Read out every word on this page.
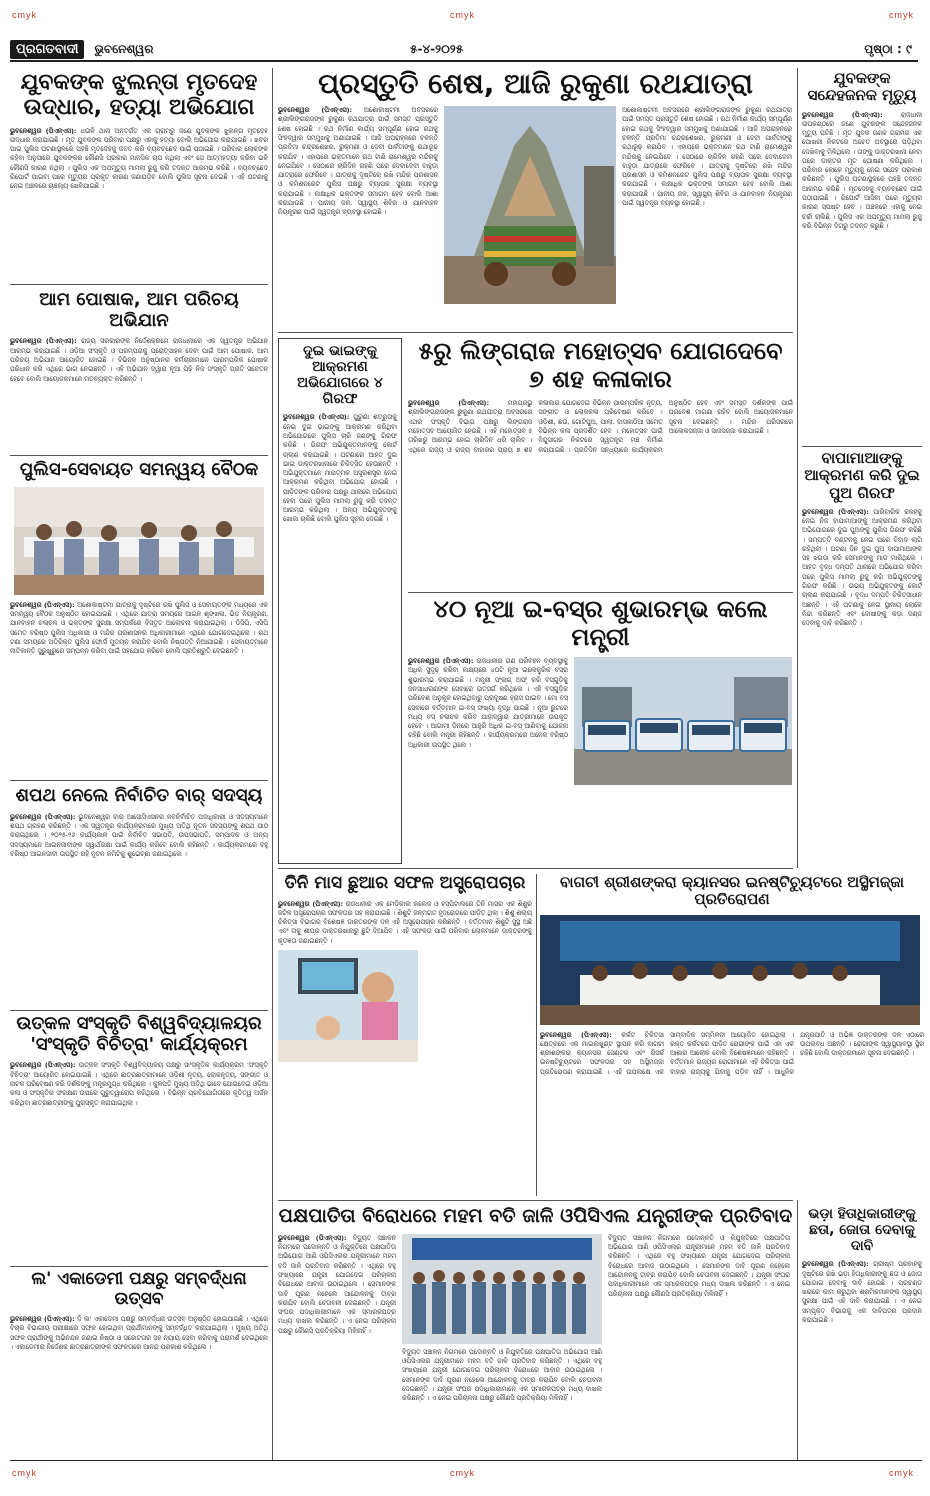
cmyk	cmyk	cmyk
cmyk	cmyk	cmyk
ପ୍ରଗତବାଦୀ	ଭୁବନେଶ୍ୱର	୫-୪-୨୦୨୫	ପୃଷ୍ଠା : ୯
ଯୁବକଙ୍କ ଝୁଲନ୍ତା ମୃତଦେହ ଉଦ୍ଧାର, ହତ୍ୟା ଅଭିଯୋଗ
ଭୁବନେଶ୍ୱର (ପିଏନ୍ଏସ): ଧଉଳି ଥାନା ଅନ୍ତର୍ଗତ ଏକ ଗ୍ରାମରୁ ଜଣେ ଯୁବକଙ୍କ ଝୁଲନ୍ତା ମୃତଦେହ ଉଦ୍ଧାର କରାଯାଇଛି । ମୃତ ଯୁବକଙ୍କ ପରିବାର ପକ୍ଷରୁ ଏହାକୁ ହତ୍ୟା ବୋଲି ଅଭିଯୋଗ କରାଯାଇଛି । ଖବର ପାଇ ପୁଲିସ ଘଟଣାସ୍ଥଳରେ ପହଞ୍ଚି ମୃତଦେହକୁ ଜବତ କରି ବ୍ୟବଚ୍ଛେଦ ପାଇଁ ପଠାଇଛି । ପରିବାର ଲୋକଙ୍କ କହିବା ଅନୁସାରେ ଯୁବକଙ୍କର କୌଣସି ପ୍ରକାର ମାନସିକ ଚାପ ନଥିଲା ଏବଂ ସେ ଆତ୍ମହତ୍ୟା କରିବା ଭଳି କୌଣସି କାରଣ ନଥିଲା । ପୁଲିସ ଏକ ଅପମୃତ୍ୟୁ ମାମଲା ରୁଜୁ କରି ତଦନ୍ତ ଆରମ୍ଭ କରିଛି । ବ୍ୟବଚ୍ଛେଦ ରିପୋର୍ଟ ପାଇବା ପରେ ମୃତ୍ୟୁର ପ୍ରକୃତ କାରଣ ଜଣାପଡ଼ିବ ବୋଲି ପୁଲିସ ସୂଚନା ଦେଇଛି । ଏହି ଘଟଣାକୁ ନେଇ ଅଞ୍ଚଳରେ ଚାଞ୍ଚଲ୍ୟ ଖେଳିଯାଇଛି ।
ଆମ ପୋଷାକ, ଆମ ପରିଚୟ ଅଭିଯାନ
ଭୁବନେଶ୍ୱର (ପିଏନ୍ଏସ): ରାଜ୍ୟ ସରକାରଙ୍କ ନିର୍ଦ୍ଦେଶକ୍ରମେ ରାଜଧାନୀରେ ଏକ ସ୍ୱତନ୍ତ୍ର ଅଭିଯାନ ଆରମ୍ଭ କରାଯାଇଛି । ଓଡ଼ିଆ ସଂସ୍କୃତି ଓ ପରମ୍ପରାକୁ ପ୍ରୋତ୍ସାହନ ଦେବା ପାଇଁ ଆମ ପୋଷାକ, ଆମ ପରିଚୟ ଅଭିଯାନ ଆୟୋଜିତ ହୋଇଛି । ବିଭିନ୍ନ ଅନୁଷ୍ଠାନର କର୍ମଚାରୀମାନେ ପାରମ୍ପରିକ ପୋଷାକ ପରିଧାନ କରି ଏଥିରେ ଭାଗ ନେଇଛନ୍ତି । ଏହି ଅଭିଯାନ ଦ୍ୱାରା ନୂଆ ପିଢ଼ି ନିଜ ସଂସ୍କୃତି ପ୍ରତି ସଚେତନ ହେବେ ବୋଲି ଆୟୋଜକମାନେ ମତବ୍ୟକ୍ତ କରିଛନ୍ତି ।
ପୁଲିସ-ସେବାୟତ ସମନ୍ୱୟ ବୈଠକ
ଭୁବନେଶ୍ୱର (ପିଏନ୍ଏସ): ଅଶୋକାଷ୍ଟମୀ ଯାତ୍ରାକୁ ଦୃଷ୍ଟିରେ ରଖି ପୁଲିସ ଓ ସେବାୟତଙ୍କ ମଧ୍ୟରେ ଏକ ସମନ୍ୱୟ ବୈଠକ ଅନୁଷ୍ଠିତ ହୋଇଯାଇଛି । ଏଥିରେ ଯାତ୍ରା ସମୟରେ ଆଇନ ଶୃଙ୍ଖଳା, ଭିଡ଼ ନିୟନ୍ତ୍ରଣ, ଯାନବାହନ ଚଳାଚଳ ଓ ଭକ୍ତଙ୍କ ସୁରକ୍ଷା ସମ୍ପର୍କରେ ବିସ୍ତୃତ ଆଲୋଚନା କରାଯାଇଥିଲା । ଡିସିପି, ଏସିପି ସମେତ ବରିଷ୍ଠ ପୁଲିସ ଅଧିକାରୀ ଓ ମନ୍ଦିର ପ୍ରଶାସନର ଅଧିକାରୀମାନେ ଏଥିରେ ଯୋଗଦେଇଥିଲେ । ରଥ ଟଣା ସମୟରେ ଅତିରିକ୍ତ ପୁଲିସ ଫୋର୍ସ ମୁତୟନ କରାଯିବ ବୋଲି ନିଷ୍ପତ୍ତି ନିଆଯାଇଛି । ସେବାୟତମାନେ ନୀତିକାନ୍ତି ସୁରୁଖୁରୁରେ ସମ୍ପନ୍ନ କରିବା ପାଇଁ ସହଯୋଗ କରିବେ ବୋଲି ପ୍ରତିଶ୍ରୁତି ଦେଇଛନ୍ତି ।
ଶପଥ ନେଲେ ନିର୍ବାଚିତ ବାର୍ ସଦସ୍ୟ
ଭୁବନେଶ୍ୱର (ପିଏନ୍ଏସ): ଭୁବନେଶ୍ୱର ବାର୍ ଆସୋସିଏସନର ନବନିର୍ବାଚିତ ପଦାଧିକାରୀ ଓ ସଦସ୍ୟମାନେ ଶପଥ ଗ୍ରହଣ କରିଛନ୍ତି । ଏକ ସ୍ୱତନ୍ତ୍ର କାର୍ଯ୍ୟକ୍ରମରେ ମୁଖ୍ୟ ଅତିଥି ନୂତନ ସଦସ୍ୟଙ୍କୁ ଶପଥ ପାଠ କରାଇଥିଲେ । ୨୦୨୫-୨୬ କାର୍ଯ୍ୟକାଳ ପାଇଁ ନିର୍ବାଚିତ ସଭାପତି, ଉପସଭାପତି, ସମ୍ପାଦକ ଓ ଅନ୍ୟ ସଦସ୍ୟମାନେ ଆଇନଜୀବୀଙ୍କ ସ୍ୱାର୍ଥରକ୍ଷା ପାଇଁ କାର୍ଯ୍ୟ କରିବେ ବୋଲି କହିଛନ୍ତି । କାର୍ଯ୍ୟକ୍ରମରେ ବହୁ ବରିଷ୍ଠ ଆଇନଜୀବୀ ଉପସ୍ଥିତ ରହି ନୂତନ କମିଟିକୁ ଶୁଭେଚ୍ଛା ଜଣାଇଥିଲେ ।
ଉତ୍କଳ ସଂସ୍କୃତି ବିଶ୍ୱବିଦ୍ୟାଳୟର 'ସଂସ୍କୃତି ବିଚିତ୍ରା' କାର୍ଯ୍ୟକ୍ରମ
ଭୁବନେଶ୍ୱର (ପିଏନ୍ଏସ): ଉତ୍କଳ ସଂସ୍କୃତି ବିଶ୍ୱବିଦ୍ୟାଳୟ ପକ୍ଷରୁ ସାଂସ୍କୃତିକ କାର୍ଯ୍ୟକ୍ରମ 'ସଂସ୍କୃତି ବିଚିତ୍ରା' ଆୟୋଜିତ ହୋଇଯାଇଛି । ଏଥିରେ ଛାତ୍ରଛାତ୍ରୀମାନେ ଓଡ଼ିଶୀ ନୃତ୍ୟ, ଲୋକନୃତ୍ୟ, ସଙ୍ଗୀତ ଓ ନାଟକ ପରିବେଷଣ କରି ଦର୍ଶକଙ୍କୁ ମନ୍ତ୍ରମୁଗ୍ଧ କରିଥିଲେ । କୁଳପତି ମୁଖ୍ୟ ଅତିଥି ଭାବେ ଯୋଗଦେଇ ଓଡ଼ିଆ କଳା ଓ ସଂସ୍କୃତିର ସଂରକ୍ଷଣ ଉପରେ ଗୁରୁତ୍ୱାରୋପ କରିଥିଲେ । ବିଭିନ୍ନ ପ୍ରତିଯୋଗିତାରେ କୃତିତ୍ୱ ଅର୍ଜନ କରିଥିବା ଛାତ୍ରଛାତ୍ରୀଙ୍କୁ ପୁରସ୍କୃତ କରାଯାଇଥିଲା ।
ଲ' ଏକାଡେମୀ ପକ୍ଷରୁ ସମ୍ବର୍ଦ୍ଧନା ଉତ୍ସବ
ଭୁବନେଶ୍ୱର (ପିଏନ୍ଏସ): ଦି ଲ' ଏକାଡେମୀ ପକ୍ଷରୁ ସମ୍ବର୍ଦ୍ଧନା ଉତ୍ସବ ଅନୁଷ୍ଠିତ ହୋଇଯାଇଛି । ଏଥିରେ ବିଚାର ବିଭାଗୀୟ ପରୀକ୍ଷାରେ ସଫଳ ହୋଇଥିବା ପ୍ରାର୍ଥୀମାନଙ୍କୁ ସମ୍ବର୍ଦ୍ଧିତ କରାଯାଇଥିଲା । ମୁଖ୍ୟ ଅତିଥି ସଫଳ ପ୍ରାର୍ଥୀଙ୍କୁ ଅଭିନନ୍ଦନ ଜଣାଇ ନିଷ୍ଠା ଓ ସଚ୍ଚୋଟତାର ସହ ନ୍ୟାୟ ସେବା କରିବାକୁ ପରାମର୍ଶ ଦେଇଥିଲେ । ଏକାଡେମୀର ନିର୍ଦ୍ଦେଶକ ଛାତ୍ରଛାତ୍ରୀଙ୍କ ସଫଳତାରେ ଆନନ୍ଦ ପ୍ରକାଶ କରିଥିଲେ ।
ପ୍ରସ୍ତୁତି ଶେଷ, ଆଜି ରୁକୁଣା ରଥଯାତ୍ରା
ଭୁବନେଶ୍ୱର (ପିଏନ୍ଏସ): ଅଶୋକାଷ୍ଟମୀ ଅବସରରେ ଶ୍ରୀଲିଙ୍ଗରାଜଙ୍କ ରୁକୁଣା ରଥଯାତ୍ରା ପାଇଁ ସମସ୍ତ ପ୍ରସ୍ତୁତି ଶେଷ ହୋଇଛି । ରଥ ନିର୍ମାଣ କାର୍ଯ୍ୟ ସମ୍ପୂର୍ଣ୍ଣ ହୋଇ ରଥକୁ ସିଂହଦ୍ୱାର ସମ୍ମୁଖକୁ ଅଣାଯାଇଛି । ଆଜି ଅପରାହ୍ନରେ ଚଳନ୍ତି ପ୍ରତିମା ଚନ୍ଦ୍ରଶେଖର, ରୁକ୍ମଣୀ ଓ ଦେବୀ ପାର୍ବତୀଙ୍କୁ ରଥାରୂଢ଼ କରାଯିବ । ଏହାପରେ ଭକ୍ତମାନେ ରଥ ଟାଣି ରାମେଶ୍ୱର ମନ୍ଦିରକୁ ନେଇଯିବେ । ସେଠାରେ ଚାରିଦିନ ରହଣି ପରେ ଦେବାଦେବୀ ବାହୁଡ଼ା ଯାତ୍ରାରେ ଫେରିବେ । ଯାତ୍ରାକୁ ଦୃଷ୍ଟିରେ ରଖି ମନ୍ଦିର ପ୍ରଶାସନ ଓ କମିଶନରେଟ ପୁଲିସ ପକ୍ଷରୁ ବ୍ୟାପକ ସୁରକ୍ଷା ବ୍ୟବସ୍ଥା କରାଯାଇଛି । ଲକ୍ଷାଧିକ ଭକ୍ତଙ୍କ ସମାଗମ ହେବ ବୋଲି ଆଶା କରାଯାଉଛି । ପାନୀୟ ଜଳ, ସ୍ୱାସ୍ଥ୍ୟ ଶିବିର ଓ ଯାନବାହନ ନିୟନ୍ତ୍ରଣ ପାଇଁ ସ୍ୱତନ୍ତ୍ର ବ୍ୟବସ୍ଥା ହୋଇଛି ।
ଅଶୋକାଷ୍ଟମୀ ଅବସରରେ ଶ୍ରୀଲିଙ୍ଗରାଜଙ୍କ ରୁକୁଣା ରଥଯାତ୍ରା ପାଇଁ ସମସ୍ତ ପ୍ରସ୍ତୁତି ଶେଷ ହୋଇଛି । ରଥ ନିର୍ମାଣ କାର୍ଯ୍ୟ ସମ୍ପୂର୍ଣ୍ଣ ହୋଇ ରଥକୁ ସିଂହଦ୍ୱାର ସମ୍ମୁଖକୁ ଅଣାଯାଇଛି । ଆଜି ଅପରାହ୍ନରେ ଚଳନ୍ତି ପ୍ରତିମା ଚନ୍ଦ୍ରଶେଖର, ରୁକ୍ମଣୀ ଓ ଦେବୀ ପାର୍ବତୀଙ୍କୁ ରଥାରୂଢ଼ କରାଯିବ । ଏହାପରେ ଭକ୍ତମାନେ ରଥ ଟାଣି ରାମେଶ୍ୱର ମନ୍ଦିରକୁ ନେଇଯିବେ । ସେଠାରେ ଚାରିଦିନ ରହଣି ପରେ ଦେବାଦେବୀ ବାହୁଡ଼ା ଯାତ୍ରାରେ ଫେରିବେ । ଯାତ୍ରାକୁ ଦୃଷ୍ଟିରେ ରଖି ମନ୍ଦିର ପ୍ରଶାସନ ଓ କମିଶନରେଟ ପୁଲିସ ପକ୍ଷରୁ ବ୍ୟାପକ ସୁରକ୍ଷା ବ୍ୟବସ୍ଥା କରାଯାଇଛି । ଲକ୍ଷାଧିକ ଭକ୍ତଙ୍କ ସମାଗମ ହେବ ବୋଲି ଆଶା କରାଯାଉଛି । ପାନୀୟ ଜଳ, ସ୍ୱାସ୍ଥ୍ୟ ଶିବିର ଓ ଯାନବାହନ ନିୟନ୍ତ୍ରଣ ପାଇଁ ସ୍ୱତନ୍ତ୍ର ବ୍ୟବସ୍ଥା ହୋଇଛି ।
ଦୁଇ ଭାଇଙ୍କୁ ଆକ୍ରମଣ ଅଭିଯୋଗରେ ୪ ଗିରଫ
ଭୁବନେଶ୍ୱର (ପିଏନ୍ଏସ): ପୁରୁଣା ଶତ୍ରୁତାକୁ ନେଇ ଦୁଇ ଭାଇଙ୍କୁ ଆକ୍ରମଣ କରିଥିବା ଅଭିଯୋଗରେ ପୁଲିସ ଚାରି ଜଣଙ୍କୁ ଗିରଫ କରିଛି । ଗିରଫ ଅଭିଯୁକ୍ତମାନଙ୍କୁ କୋର୍ଟ ଚାଲାଣ କରାଯାଇଛି । ଘଟଣାରେ ଆହତ ଦୁଇ ଭାଇ ଡାକ୍ତରଖାନାରେ ଚିକିତ୍ସିତ ହେଉଛନ୍ତି । ଅଭିଯୁକ୍ତମାନେ ମାରାତ୍ମକ ଅସ୍ତ୍ରଶସ୍ତ୍ର ନେଇ ଆକ୍ରମଣ କରିଥିବା ଅଭିଯୋଗ ହୋଇଛି । ପୀଡ଼ିତଙ୍କ ପରିବାର ପକ୍ଷରୁ ଥାନାରେ ଅଭିଯୋଗ ହେବା ପରେ ପୁଲିସ ମାମଲା ରୁଜୁ କରି ତଦନ୍ତ ଆରମ୍ଭ କରିଥିଲା । ଅନ୍ୟ ଅଭିଯୁକ୍ତଙ୍କୁ ଖୋଜା ଚାଲିଛି ବୋଲି ପୁଲିସ ସୂଚନା ଦେଇଛି ।
୫ରୁ ଲିଙ୍ଗରାଜ ମହୋତ୍ସବ ଯୋଗଦେବେ ୭ ଶହ କଳାକାର
ଭୁବନେଶ୍ୱର (ପିଏନ୍ଏସ):	ମହାପ୍ରଭୁ ଶ୍ରୀଲିଙ୍ଗରାଜଙ୍କ ରୁକୁଣା ରଥଯାତ୍ରା ଅବସରରେ ଏଥର ସଂସ୍କୃତି ବିଭାଗ ପକ୍ଷରୁ ଲିଙ୍ଗରାଜ ମହୋତ୍ସବ ଆୟୋଜିତ ହେଉଛି । ଏହି ମହୋତ୍ସବ ୫ ତାରିଖରୁ ଆରମ୍ଭ ହୋଇ ଚାରିଦିନ ଧରି ଚାଲିବ । ଏଥିରେ ରାଜ୍ୟ ଓ ରାଜ୍ୟ ବାହାରର ପ୍ରାୟ ୭ ଶହ କଳାକାର ଯୋଗଦେଇ ବିଭିନ୍ନ ପାରମ୍ପରିକ ନୃତ୍ୟ, ସଙ୍ଗୀତ ଓ ଲୋକକଳା ପରିବେଷଣ କରିବେ । ଓଡ଼ିଶୀ, ଛଉ, ଗୋଟିପୁଅ, ପାଲା, ଦାସକାଠିଆ ସମେତ ବିଭିନ୍ନ କଳା ପ୍ରଦର୍ଶିତ ହେବ । ମହୋତ୍ସବ ପାଇଁ ବିନ୍ଦୁସାଗର ନିକଟରେ ସ୍ୱତନ୍ତ୍ର ମଞ୍ଚ ନିର୍ମାଣ କରାଯାଇଛି । ପ୍ରତିଦିନ ସନ୍ଧ୍ୟାରେ କାର୍ଯ୍ୟକ୍ରମ ଅନୁଷ୍ଠିତ ହେବ ଏବଂ ସମସ୍ତ ଦର୍ଶକଙ୍କ ପାଇଁ ପ୍ରବେଶ ମାଗଣା ରହିବ ବୋଲି ଆୟୋଜକମାନେ ସୂଚନା ଦେଇଛନ୍ତି । ମନ୍ଦିର ପରିସରରେ ଆଲୋକସଜ୍ଜା ଓ ସାଜସଜ୍ଜା କରାଯାଇଛି ।
୪୦ ନୂଆ ଇ-ବସ୍‌ର ଶୁଭାରମ୍ଭ କଲେ ମନ୍ତ୍ରୀ
ଭୁବନେଶ୍ୱର (ପିଏନ୍ଏସ): ରାଜଧାନୀର ଗଣ ପରିବହନ ବ୍ୟବସ୍ଥାକୁ ଅଧିକ ସୁଦୃଢ଼ କରିବା ଲକ୍ଷ୍ୟରେ ୪୦ଟି ନୂଆ ଇଲେକ୍ଟ୍ରିକ ବସ୍‌ର ଶୁଭାରମ୍ଭ କରାଯାଇଛି । ମନ୍ତ୍ରୀ ଫ୍ଲାଗ୍ ଅଫ୍ କରି ବସ୍‌ଗୁଡ଼ିକୁ ଜନସାଧାରଣଙ୍କ ସେବାରେ ଉତ୍ସର୍ଗ କରିଥିଲେ । ଏହି ବସ୍‌ଗୁଡ଼ିକ ପରିବେଶ ଅନୁକୂଳ ହୋଇଥିବାରୁ ପ୍ରଦୂଷଣ ହ୍ରାସ ପାଇବ । ମୋ ବସ୍ ସେବାରେ ବର୍ତ୍ତମାନ ଇ-ବସ୍ ସଂଖ୍ୟା ବୃଦ୍ଧି ପାଇଛି । ନୂଆ ରୁଟରେ ମଧ୍ୟ ବସ୍ ଚଳାଚଳ କରିବ ଯାହାଦ୍ୱାରା ଯାତ୍ରୀମାନେ ଉପକୃତ ହେବେ । ଆଗାମୀ ଦିନରେ ଆହୁରି ଅଧିକ ଇ-ବସ୍ ଆଣିବାକୁ ଯୋଜନା ରହିଛି ବୋଲି ମନ୍ତ୍ରୀ କହିଛନ୍ତି । କାର୍ଯ୍ୟକ୍ରମରେ ଅନେକ ବରିଷ୍ଠ ଅଧିକାରୀ ଉପସ୍ଥିତ ଥିଲେ ।
ତିନି ମାସ ଛୁଆର ସଫଳ ଅସ୍ତ୍ରୋପଚାର
ଭୁବନେଶ୍ୱର (ପିଏନ୍ଏସ): ରାଜଧାନୀର ଏକ ମେଡିକାଲ କଲେଜ ଓ ହସ୍ପିଟାଲରେ ତିନି ମାସର ଏକ ଶିଶୁର ଜଟିଳ ଅସ୍ତ୍ରୋପଚାର ସଫଳତାର ସହ କରାଯାଇଛି । ଶିଶୁଟି ଜନ୍ମଗତ ହୃଦ୍‌ରୋଗରେ ପୀଡ଼ିତ ଥିଲା । ଶିଶୁ ଶଲ୍ୟ ଚିକିତ୍ସା ବିଭାଗର ବିଶେଷଜ୍ଞ ଡାକ୍ତରଙ୍କ ଦଳ ଏହି ଅସ୍ତ୍ରୋପଚାର କରିଛନ୍ତି । ବର୍ତ୍ତମାନ ଶିଶୁଟି ସୁସ୍ଥ ଅଛି ଏବଂ ତାକୁ ଶୀଘ୍ର ଡାକ୍ତରଖାନାରୁ ଛୁଟି ଦିଆଯିବ । ଏହି ସଫଳତା ପାଇଁ ପରିବାର ଲୋକମାନେ ଡାକ୍ତରଙ୍କୁ କୃତଜ୍ଞତା ଜଣାଇଛନ୍ତି ।
ବାଗଚୀ ଶ୍ରୀଶଙ୍କରା କ୍ୟାନସର ଇନଷ୍ଟିଚ୍ୟୁଟରେ ଅସ୍ଥିମଜ୍ଜା ପ୍ରତିରୋପଣ
ଭୁବନେଶ୍ୱର (ପିଏନ୍ଏସ): କର୍କଟ ଚିକିତ୍ସା କ୍ଷେତ୍ରରେ ଏକ ମାଇଲଖୁଣ୍ଟ ସ୍ଥାପନ କରି ବାଗଚୀ ଶ୍ରୀଶଙ୍କରା କ୍ୟାନସର ସେଣ୍ଟର ଏବଂ ରିସର୍ଚ୍ଚ ଇନଷ୍ଟିଚ୍ୟୁଟରେ ସଫଳତାର ସହ ଅସ୍ଥିମଜ୍ଜା ପ୍ରତିରୋପଣ କରାଯାଇଛି । ଏହି ଉପଲକ୍ଷେ ଏକ ସାମ୍ବାଦିକ ସମ୍ମିଳନୀ ଆୟୋଜିତ ହୋଇଥିଲା । ରକ୍ତ କର୍କଟରେ ପୀଡ଼ିତ ରୋଗୀଙ୍କ ପାଇଁ ଏହା ଏକ ଆଶାର ଆଲୋକ ବୋଲି ବିଶେଷଜ୍ଞମାନେ କହିଛନ୍ତି । ବର୍ତ୍ତମାନ ରାଜ୍ୟର ରୋଗୀମାନେ ଏହି ଚିକିତ୍ସା ପାଇଁ ବାହାର ରାଜ୍ୟକୁ ଯିବାକୁ ପଡ଼ିବ ନାହିଁ । ଆଧୁନିକ ଯନ୍ତ୍ରପାତି ଓ ଅଭିଜ୍ଞ ଡାକ୍ତରଙ୍କ ଦଳ ଏଠାରେ ଉପଲବ୍ଧ ଅଛନ୍ତି । ରୋଗୀଙ୍କ ସ୍ୱାସ୍ଥ୍ୟାବସ୍ଥା ସ୍ଥିର ରହିଛି ବୋଲି ଡାକ୍ତରମାନେ ସୂଚନା ଦେଇଛନ୍ତି ।
ପକ୍ଷପାତିତା ବିରୋଧରେ ମହମ ବତି ଜାଳି ଓପିସିଏଲ ଯନ୍ତ୍ରୀଙ୍କ ପ୍ରତିବାଦ
ଭୁବନେଶ୍ୱର (ପିଏନ୍ଏସ): ବିଦ୍ୟୁତ ସଞ୍ଚାଳନ ନିଗମରେ ପଦୋନ୍ନତି ଓ ନିଯୁକ୍ତିରେ ପକ୍ଷପାତିତା ଅଭିଯୋଗ ଆଣି ଓପିସିଏଲର ଯନ୍ତ୍ରୀମାନେ ମହମ ବତି ଜାଳି ପ୍ରତିବାଦ କରିଛନ୍ତି । ଏଥିରେ ବହୁ ସଂଖ୍ୟାରେ ଯନ୍ତ୍ରୀ ଯୋଗଦେଇ ପରିଚାଳନା ବିରୋଧରେ ଆବାଜ ଉଠାଇଥିଲେ । ସେମାନଙ୍କ ଦାବି ପୂରଣ ନହେଲେ ଆନ୍ଦୋଳନକୁ ତୀବ୍ର କରାଯିବ ବୋଲି ଚେତାବନୀ ଦେଇଛନ୍ତି । ଯନ୍ତ୍ରୀ ସଂଘର ପଦାଧିକାରୀମାନେ ଏକ ସ୍ମାରକପତ୍ର ମଧ୍ୟ ଦାଖଲ କରିଛନ୍ତି । ଏ ନେଇ ପରିଚାଳନା ପକ୍ଷରୁ କୌଣସି ପ୍ରତିକ୍ରିୟା ମିଳିନାହିଁ ।
ବିଦ୍ୟୁତ ସଞ୍ଚାଳନ ନିଗମରେ ପଦୋନ୍ନତି ଓ ନିଯୁକ୍ତିରେ ପକ୍ଷପାତିତା ଅଭିଯୋଗ ଆଣି ଓପିସିଏଲର ଯନ୍ତ୍ରୀମାନେ ମହମ ବତି ଜାଳି ପ୍ରତିବାଦ କରିଛନ୍ତି । ଏଥିରେ ବହୁ ସଂଖ୍ୟାରେ ଯନ୍ତ୍ରୀ ଯୋଗଦେଇ ପରିଚାଳନା ବିରୋଧରେ ଆବାଜ ଉଠାଇଥିଲେ । ସେମାନଙ୍କ ଦାବି ପୂରଣ ନହେଲେ ଆନ୍ଦୋଳନକୁ ତୀବ୍ର କରାଯିବ ବୋଲି ଚେତାବନୀ ଦେଇଛନ୍ତି । ଯନ୍ତ୍ରୀ ସଂଘର ପଦାଧିକାରୀମାନେ ଏକ ସ୍ମାରକପତ୍ର ମଧ୍ୟ ଦାଖଲ କରିଛନ୍ତି । ଏ ନେଇ ପରିଚାଳନା ପକ୍ଷରୁ କୌଣସି ପ୍ରତିକ୍ରିୟା ମିଳିନାହିଁ ।
ବିଦ୍ୟୁତ ସଞ୍ଚାଳନ ନିଗମରେ ପଦୋନ୍ନତି ଓ ନିଯୁକ୍ତିରେ ପକ୍ଷପାତିତା ଅଭିଯୋଗ ଆଣି ଓପିସିଏଲର ଯନ୍ତ୍ରୀମାନେ ମହମ ବତି ଜାଳି ପ୍ରତିବାଦ କରିଛନ୍ତି । ଏଥିରେ ବହୁ ସଂଖ୍ୟାରେ ଯନ୍ତ୍ରୀ ଯୋଗଦେଇ ପରିଚାଳନା ବିରୋଧରେ ଆବାଜ ଉଠାଇଥିଲେ । ସେମାନଙ୍କ ଦାବି ପୂରଣ ନହେଲେ ଆନ୍ଦୋଳନକୁ ତୀବ୍ର କରାଯିବ ବୋଲି ଚେତାବନୀ ଦେଇଛନ୍ତି । ଯନ୍ତ୍ରୀ ସଂଘର ପଦାଧିକାରୀମାନେ ଏକ ସ୍ମାରକପତ୍ର ମଧ୍ୟ ଦାଖଲ କରିଛନ୍ତି । ଏ ନେଇ ପରିଚାଳନା ପକ୍ଷରୁ କୌଣସି ପ୍ରତିକ୍ରିୟା ମିଳିନାହିଁ ।
ଯୁବକଙ୍କ ସନ୍ଦେହଜନକ ମୃତ୍ୟୁ
ଭୁବନେଶ୍ୱର (ପିଏନ୍ଏସ):	ରାଜଧାନୀ ଉପକଣ୍ଠରେ ଜଣେ ଯୁବକଙ୍କ ସନ୍ଦେହଜନକ ମୃତ୍ୟୁ ଘଟିଛି । ମୃତ ଯୁବକ ଜଣକ ଗ୍ରାମର ଏକ ପୋଖରୀ ନିକଟରେ ଅଚେତ ଅବସ୍ଥାରେ ପଡ଼ିଥିବା ଦେଖିବାକୁ ମିଳିଥିଲେ । ତାଙ୍କୁ ଡାକ୍ତରଖାନା ନେବା ପରେ ଡାକ୍ତର ମୃତ ଘୋଷଣା କରିଥିଲେ । ପରିବାର ଲୋକେ ମୃତ୍ୟୁକୁ ନେଇ ସନ୍ଦେହ ପ୍ରକାଶ କରିଛନ୍ତି । ପୁଲିସ ଘଟଣାସ୍ଥଳରେ ପହଞ୍ଚି ତଦନ୍ତ ଆରମ୍ଭ କରିଛି । ମୃତଦେହକୁ ବ୍ୟବଚ୍ଛେଦ ପାଇଁ ପଠାଯାଇଛି । ରିପୋର୍ଟ ଆସିବା ପରେ ମୃତ୍ୟୁର କାରଣ ସ୍ପଷ୍ଟ ହେବ । ଅଞ୍ଚଳରେ ଏହାକୁ ନେଇ ଚର୍ଚ୍ଚା ଚାଲିଛି । ପୁଲିସ ଏକ ଅପମୃତ୍ୟୁ ମାମଲା ରୁଜୁ କରି ବିଭିନ୍ନ ଦିଗରୁ ତଦନ୍ତ କରୁଛି ।
ବାପାମାଆଙ୍କୁ ଆକ୍ରମଣ କରି ଦୁଇ ପୁଅ ଗିରଫ
ଭୁବନେଶ୍ୱର (ପିଏନ୍ଏସ): ପାରିବାରିକ କଳହକୁ ନେଇ ନିଜ ବାପାମାଆଙ୍କୁ ଆକ୍ରମଣ କରିଥିବା ଅଭିଯୋଗରେ ଦୁଇ ପୁଅଙ୍କୁ ପୁଲିସ ଗିରଫ କରିଛି । ସମ୍ପତ୍ତି ବଣ୍ଟନକୁ ନେଇ ଘରେ ବିବାଦ ଲାଗି ରହିଥିଲା । ଘଟଣା ଦିନ ଦୁଇ ପୁଅ ବାପାମାଆଙ୍କ ସହ ଝଗଡ଼ା କରି ସେମାନଙ୍କୁ ମାଡ଼ ମାରିଥିଲେ । ଆହତ ବୃଦ୍ଧ ଦମ୍ପତି ଥାନାରେ ଅଭିଯୋଗ କରିବା ପରେ ପୁଲିସ ମାମଲା ରୁଜୁ କରି ଅଭିଯୁକ୍ତଙ୍କୁ ଗିରଫ କରିଛି । ଉଭୟ ଅଭିଯୁକ୍ତଙ୍କୁ କୋର୍ଟ ଚାଲାଣ କରାଯାଇଛି । ବୃଦ୍ଧ ଦମ୍ପତି ଚିକିତ୍ସାଧୀନ ଅଛନ୍ତି । ଏହି ଘଟଣାକୁ ନେଇ ସ୍ଥାନୀୟ ଲୋକେ ନିନ୍ଦା କରିଛନ୍ତି ଏବଂ ଦୋଷୀଙ୍କୁ କଡ଼ା ଦଣ୍ଡ ଦେବାକୁ ଦାବି କରିଛନ୍ତି ।
ଭଡ଼ା ହିତାଧିକାରୀଙ୍କୁ ଛତା, ଜୋତା ଦେବାକୁ ଦାବି
ଭୁବନେଶ୍ୱର (ପିଏନ୍ଏସ): ଗ୍ରୀଷ୍ମ ପ୍ରବାହକୁ ଦୃଷ୍ଟିରେ ରଖି ଭଡ଼ା ହିତାଧିକାରୀଙ୍କୁ ଛତା ଓ ଜୋତା ଯୋଗାଇ ଦେବାକୁ ଦାବି ହୋଇଛି । ପ୍ରଚଣ୍ଡ ଖରାରେ କାମ କରୁଥିବା ଶ୍ରମିକମାନଙ୍କ ସ୍ୱାସ୍ଥ୍ୟ ସୁରକ୍ଷା ପାଇଁ ଏହି ଦାବି କରାଯାଇଛି । ଏ ନେଇ ସମ୍ପୃକ୍ତ ବିଭାଗକୁ ଏକ ଦାବିପତ୍ର ପ୍ରଦାନ କରାଯାଇଛି ।
